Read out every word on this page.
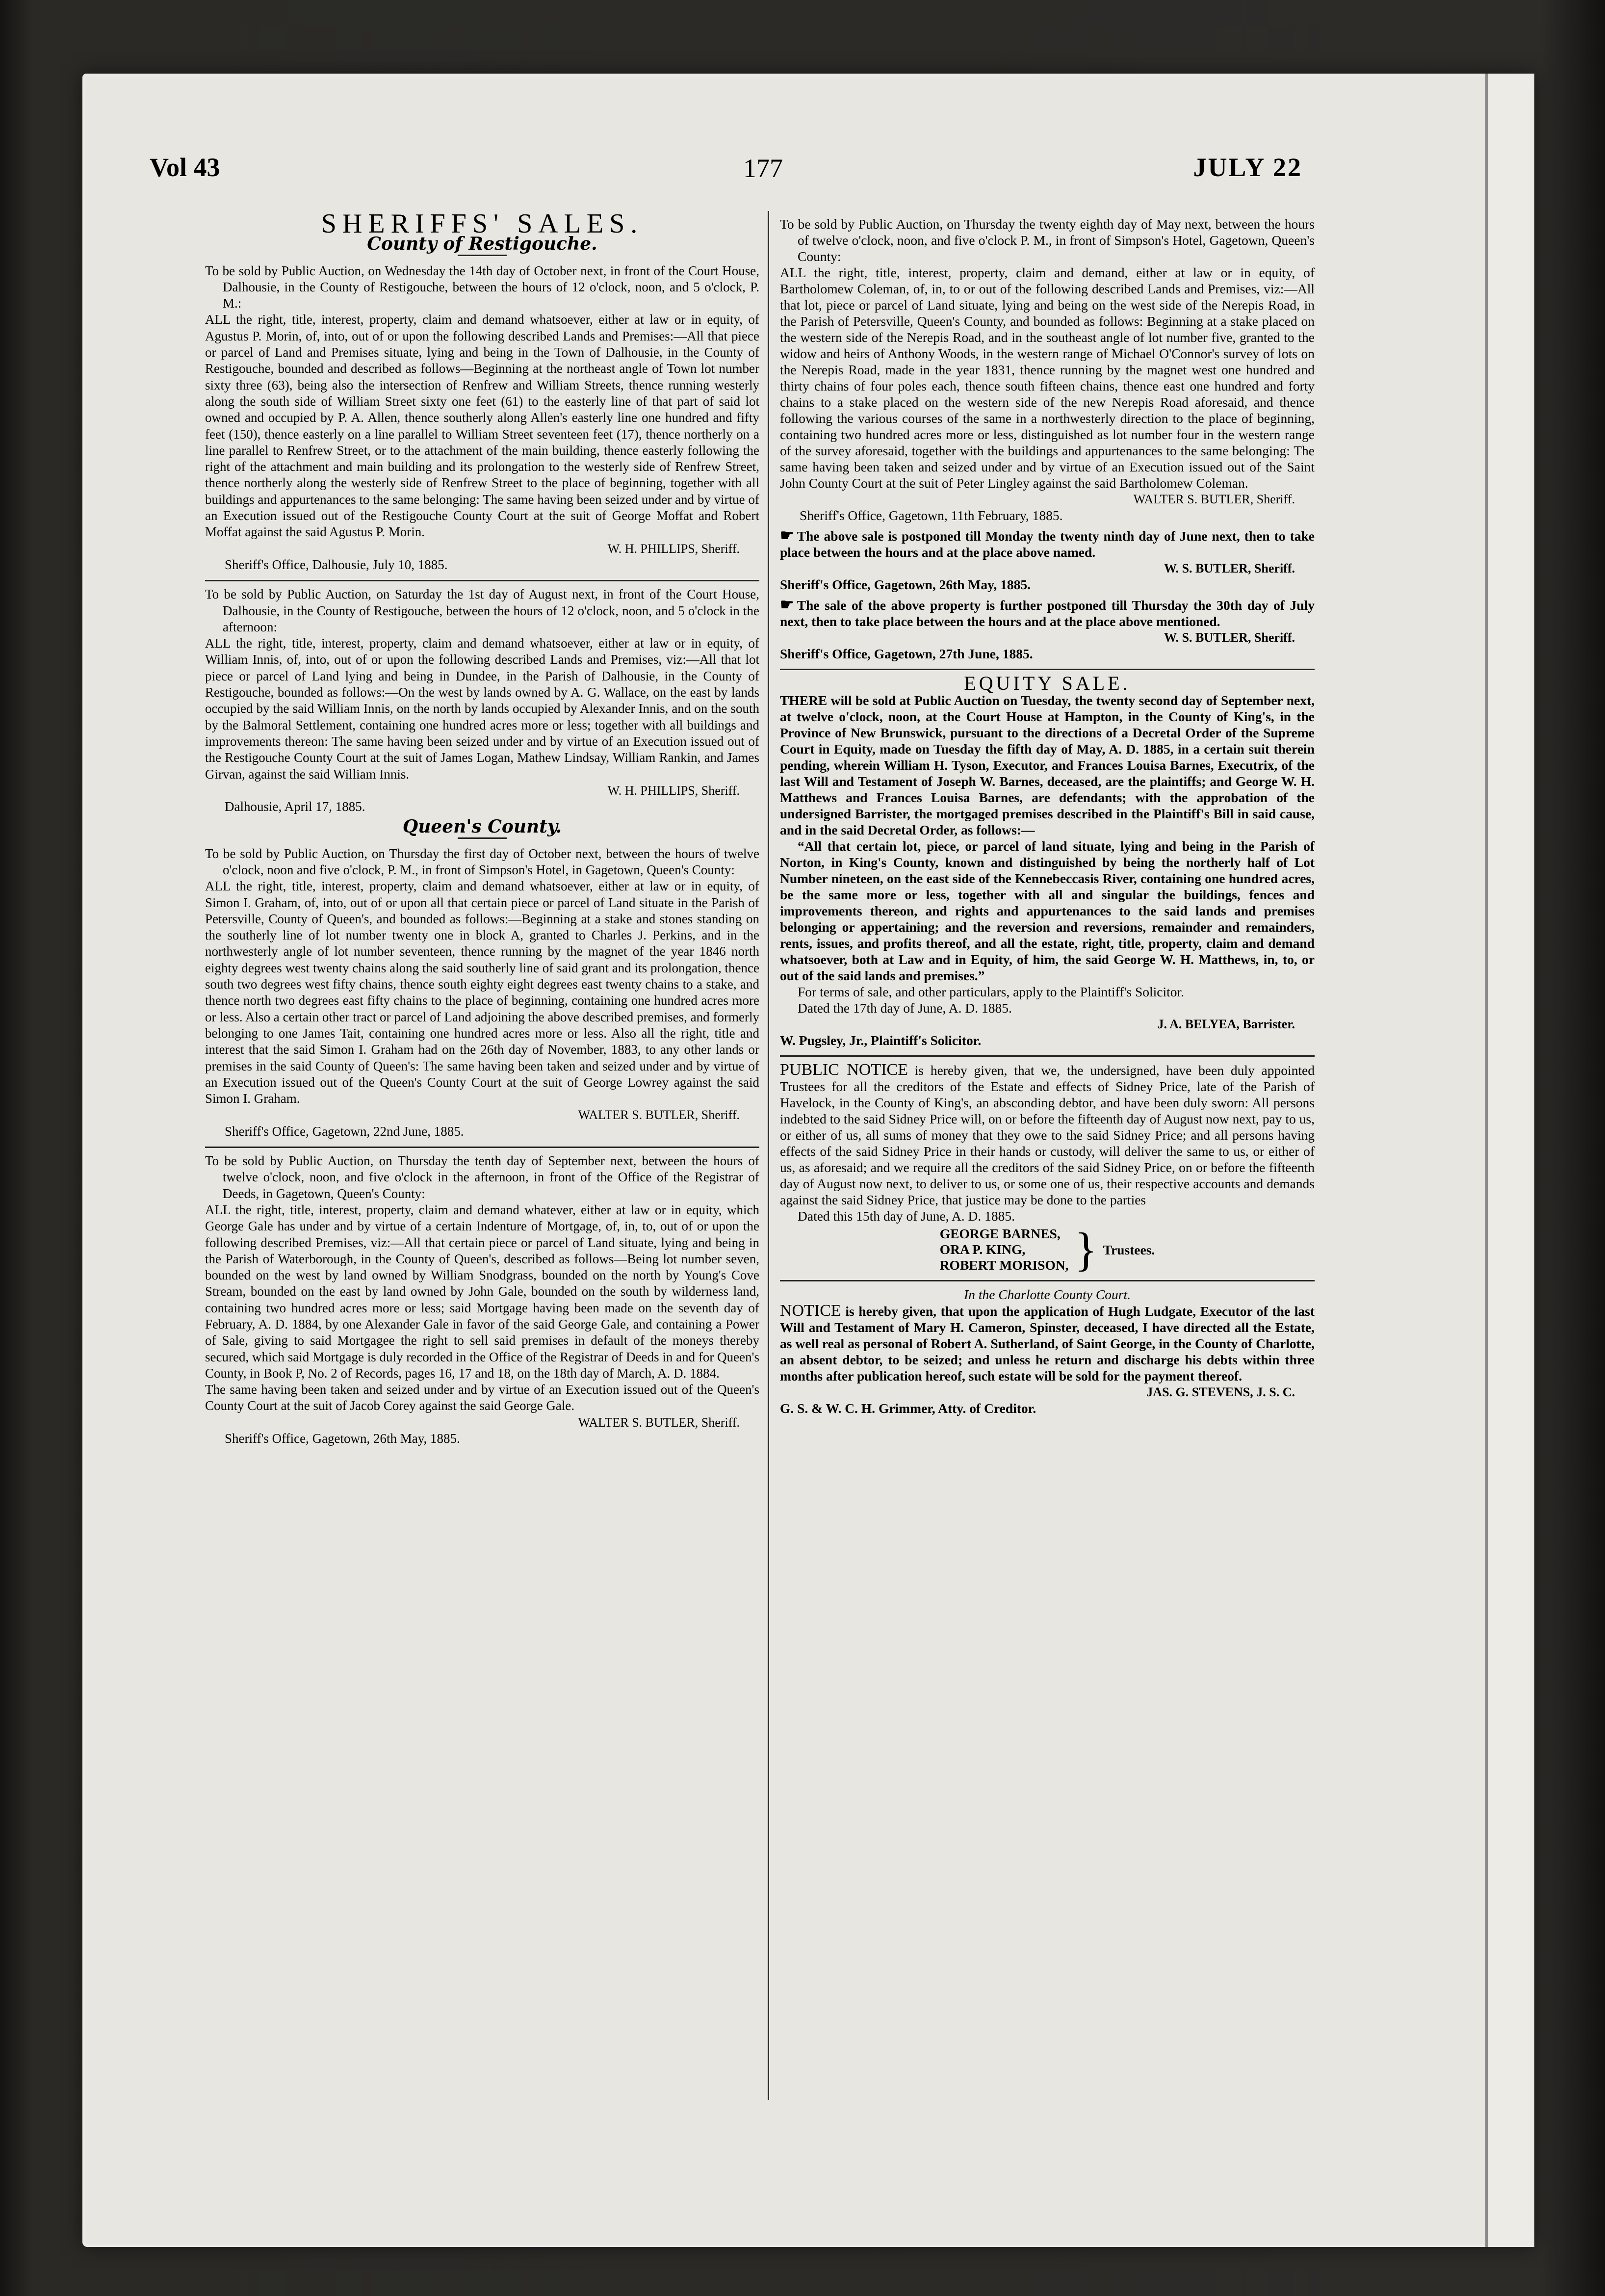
Vol 43	177	JULY 22
SHERIFFS' SALES.
County of Restigouche.

To be sold by Public Auction, on Wednesday the 14th day of October next, in front of the Court House, Dalhousie, in the County of Restigouche, between the hours of 12 o'clock, noon, and 5 o'clock, P. M.:

ALL the right, title, interest, property, claim and demand whatsoever, either at law or in equity, of Agustus P. Morin, of, into, out of or upon the following described Lands and Premises:—All that piece or parcel of Land and Premises situate, lying and being in the Town of Dalhousie, in the County of Restigouche, bounded and described as follows—Beginning at the northeast angle of Town lot number sixty three (63), being also the intersection of Renfrew and William Streets, thence running westerly along the south side of William Street sixty one feet (61) to the easterly line of that part of said lot owned and occupied by P. A. Allen, thence southerly along Allen's easterly line one hundred and fifty feet (150), thence easterly on a line parallel to William Street seventeen feet (17), thence northerly on a line parallel to Renfrew Street, or to the attachment of the main building, thence easterly following the right of the attachment and main building and its prolongation to the westerly side of Renfrew Street, thence northerly along the westerly side of Renfrew Street to the place of beginning, together with all buildings and appurtenances to the same belonging: The same having been seized under and by virtue of an Execution issued out of the Restigouche County Court at the suit of George Moffat and Robert Moffat against the said Agustus P. Morin.

W. H. PHILLIPS, Sheriff.

Sheriff's Office, Dalhousie, July 10, 1885.

To be sold by Public Auction, on Saturday the 1st day of August next, in front of the Court House, Dalhousie, in the County of Restigouche, between the hours of 12 o'clock, noon, and 5 o'clock in the afternoon:

ALL the right, title, interest, property, claim and demand whatsoever, either at law or in equity, of William Innis, of, into, out of or upon the following described Lands and Premises, viz:—All that lot piece or parcel of Land lying and being in Dundee, in the Parish of Dalhousie, in the County of Restigouche, bounded as follows:—On the west by lands owned by A. G. Wallace, on the east by lands occupied by the said William Innis, on the north by lands occupied by Alexander Innis, and on the south by the Balmoral Settlement, containing one hundred acres more or less; together with all buildings and improvements thereon: The same having been seized under and by virtue of an Execution issued out of the Restigouche County Court at the suit of James Logan, Mathew Lindsay, William Rankin, and James Girvan, against the said William Innis.

W. H. PHILLIPS, Sheriff.

Dalhousie, April 17, 1885.

Queen's County.

To be sold by Public Auction, on Thursday the first day of October next, between the hours of twelve o'clock, noon and five o'clock, P. M., in front of Simpson's Hotel, in Gagetown, Queen's County:

ALL the right, title, interest, property, claim and demand whatsoever, either at law or in equity, of Simon I. Graham, of, into, out of or upon all that certain piece or parcel of Land situate in the Parish of Petersville, County of Queen's, and bounded as follows:—Beginning at a stake and stones standing on the southerly line of lot number twenty one in block A, granted to Charles J. Perkins, and in the northwesterly angle of lot number seventeen, thence running by the magnet of the year 1846 north eighty degrees west twenty chains along the said southerly line of said grant and its prolongation, thence south two degrees west fifty chains, thence south eighty eight degrees east twenty chains to a stake, and thence north two degrees east fifty chains to the place of beginning, containing one hundred acres more or less. Also a certain other tract or parcel of Land adjoining the above described premises, and formerly belonging to one James Tait, containing one hundred acres more or less. Also all the right, title and interest that the said Simon I. Graham had on the 26th day of November, 1883, to any other lands or premises in the said County of Queen's: The same having been taken and seized under and by virtue of an Execution issued out of the Queen's County Court at the suit of George Lowrey against the said Simon I. Graham.

WALTER S. BUTLER, Sheriff.

Sheriff's Office, Gagetown, 22nd June, 1885.

To be sold by Public Auction, on Thursday the tenth day of September next, between the hours of twelve o'clock, noon, and five o'clock in the afternoon, in front of the Office of the Registrar of Deeds, in Gagetown, Queen's County:

ALL the right, title, interest, property, claim and demand whatever, either at law or in equity, which George Gale has under and by virtue of a certain Indenture of Mortgage, of, in, to, out of or upon the following described Premises, viz:—All that certain piece or parcel of Land situate, lying and being in the Parish of Waterborough, in the County of Queen's, described as follows—Being lot number seven, bounded on the west by land owned by William Snodgrass, bounded on the north by Young's Cove Stream, bounded on the east by land owned by John Gale, bounded on the south by wilderness land, containing two hundred acres more or less; said Mortgage having been made on the seventh day of February, A. D. 1884, by one Alexander Gale in favor of the said George Gale, and containing a Power of Sale, giving to said Mortgagee the right to sell said premises in default of the moneys thereby secured, which said Mortgage is duly recorded in the Office of the Registrar of Deeds in and for Queen's County, in Book P, No. 2 of Records, pages 16, 17 and 18, on the 18th day of March, A. D. 1884.

The same having been taken and seized under and by virtue of an Execution issued out of the Queen's County Court at the suit of Jacob Corey against the said George Gale.

WALTER S. BUTLER, Sheriff.

Sheriff's Office, Gagetown, 26th May, 1885.

To be sold by Public Auction, on Thursday the twenty eighth day of May next, between the hours of twelve o'clock, noon, and five o'clock P. M., in front of Simpson's Hotel, Gagetown, Queen's County:

ALL the right, title, interest, property, claim and demand, either at law or in equity, of Bartholomew Coleman, of, in, to or out of the following described Lands and Premises, viz:—All that lot, piece or parcel of Land situate, lying and being on the west side of the Nerepis Road, in the Parish of Petersville, Queen's County, and bounded as follows: Beginning at a stake placed on the western side of the Nerepis Road, and in the southeast angle of lot number five, granted to the widow and heirs of Anthony Woods, in the western range of Michael O'Connor's survey of lots on the Nerepis Road, made in the year 1831, thence running by the magnet west one hundred and thirty chains of four poles each, thence south fifteen chains, thence east one hundred and forty chains to a stake placed on the western side of the new Nerepis Road aforesaid, and thence following the various courses of the same in a northwesterly direction to the place of beginning, containing two hundred acres more or less, distinguished as lot number four in the western range of the survey aforesaid, together with the buildings and appurtenances to the same belonging: The same having been taken and seized under and by virtue of an Execution issued out of the Saint John County Court at the suit of Peter Lingley against the said Bartholomew Coleman.

WALTER S. BUTLER, Sheriff.

Sheriff's Office, Gagetown, 11th February, 1885.

☛ The above sale is postponed till Monday the twenty ninth day of June next, then to take place between the hours and at the place above named.

W. S. BUTLER, Sheriff.

Sheriff's Office, Gagetown, 26th May, 1885.

☛ The sale of the above property is further postponed till Thursday the 30th day of July next, then to take place between the hours and at the place above mentioned.

W. S. BUTLER, Sheriff.

Sheriff's Office, Gagetown, 27th June, 1885.

EQUITY SALE.

THERE will be sold at Public Auction on Tuesday, the twenty second day of September next, at twelve o'clock, noon, at the Court House at Hampton, in the County of King's, in the Province of New Brunswick, pursuant to the directions of a Decretal Order of the Supreme Court in Equity, made on Tuesday the fifth day of May, A. D. 1885, in a certain suit therein pending, wherein William H. Tyson, Executor, and Frances Louisa Barnes, Executrix, of the last Will and Testament of Joseph W. Barnes, deceased, are the plaintiffs; and George W. H. Matthews and Frances Louisa Barnes, are defendants; with the approbation of the undersigned Barrister, the mortgaged premises described in the Plaintiff's Bill in said cause, and in the said Decretal Order, as follows:—

“All that certain lot, piece, or parcel of land situate, lying and being in the Parish of Norton, in King's County, known and distinguished by being the northerly half of Lot Number nineteen, on the east side of the Kennebeccasis River, containing one hundred acres, be the same more or less, together with all and singular the buildings, fences and improvements thereon, and rights and appurtenances to the said lands and premises belonging or appertaining; and the reversion and reversions, remainder and remainders, rents, issues, and profits thereof, and all the estate, right, title, property, claim and demand whatsoever, both at Law and in Equity, of him, the said George W. H. Matthews, in, to, or out of the said lands and premises.”

For terms of sale, and other particulars, apply to the Plaintiff's Solicitor.

Dated the 17th day of June, A. D. 1885.

J. A. BELYEA, Barrister.

W. Pugsley, Jr., Plaintiff's Solicitor.

PUBLIC NOTICE is hereby given, that we, the undersigned, have been duly appointed Trustees for all the creditors of the Estate and effects of Sidney Price, late of the Parish of Havelock, in the County of King's, an absconding debtor, and have been duly sworn: All persons indebted to the said Sidney Price will, on or before the fifteenth day of August now next, pay to us, or either of us, all sums of money that they owe to the said Sidney Price; and all persons having effects of the said Sidney Price in their hands or custody, will deliver the same to us, or either of us, as aforesaid; and we require all the creditors of the said Sidney Price, on or before the fifteenth day of August now next, to deliver to us, or some one of us, their respective accounts and demands against the said Sidney Price, that justice may be done to the parties

Dated this 15th day of June, A. D. 1885.

GEORGE BARNES,
ORA P. KING,
ROBERT MORISON, } Trustees.
In the Charlotte County Court.

NOTICE is hereby given, that upon the application of Hugh Ludgate, Executor of the last Will and Testament of Mary H. Cameron, Spinster, deceased, I have directed all the Estate, as well real as personal of Robert A. Sutherland, of Saint George, in the County of Charlotte, an absent debtor, to be seized; and unless he return and discharge his debts within three months after publication hereof, such estate will be sold for the payment thereof.

JAS. G. STEVENS, J. S. C.

G. S. & W. C. H. Grimmer, Atty. of Creditor.
